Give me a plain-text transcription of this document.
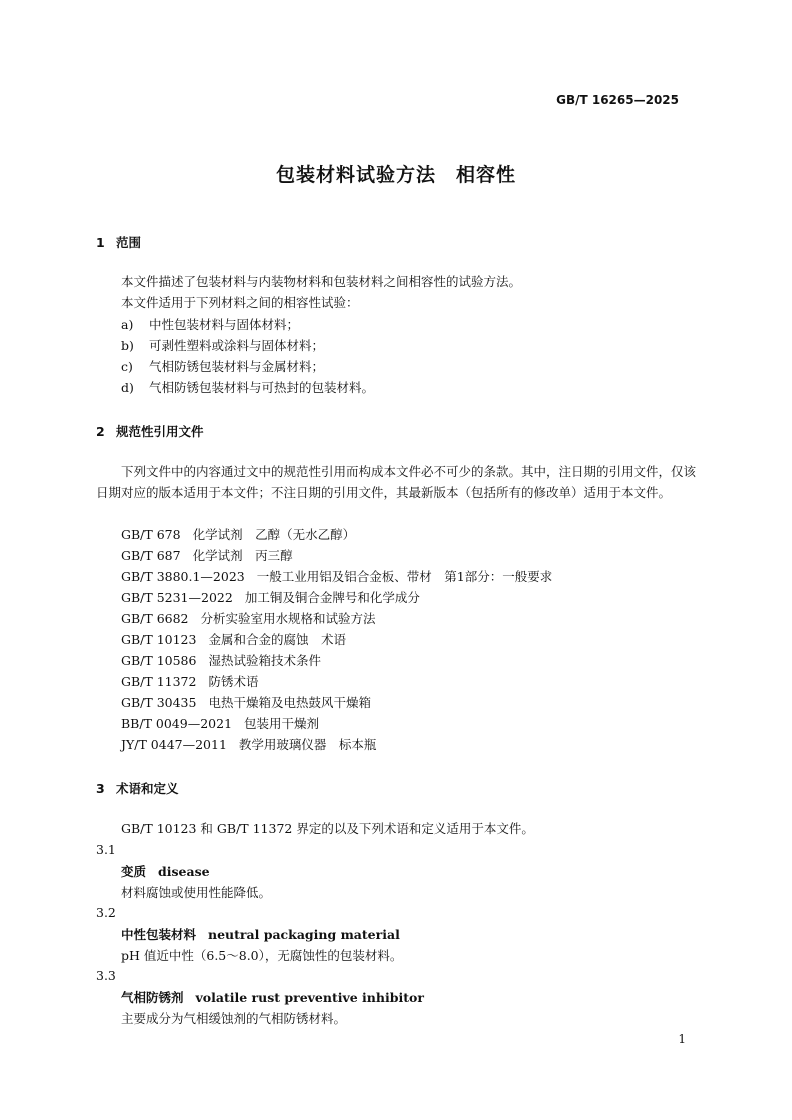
GB/T 16265—2025
包装材料试验方法　相容性
1 范围
本文件描述了包装材料与内装物材料和包装材料之间相容性的试验方法。
本文件适用于下列材料之间的相容性试验：
a) 中性包装材料与固体材料；
b) 可剥性塑料或涂料与固体材料；
c) 气相防锈包装材料与金属材料；
d) 气相防锈包装材料与可热封的包装材料。
2 规范性引用文件
下列文件中的内容通过文中的规范性引用而构成本文件必不可少的条款。其中，注日期的引用文件，仅该日期对应的版本适用于本文件；不注日期的引用文件，其最新版本（包括所有的修改单）适用于本文件。
GB/T 678 化学试剂　乙醇（无水乙醇）
GB/T 687 化学试剂　丙三醇
GB/T 3880.1—2023 一般工业用铝及铝合金板、带材　第1部分：一般要求
GB/T 5231—2022 加工铜及铜合金牌号和化学成分
GB/T 6682 分析实验室用水规格和试验方法
GB/T 10123 金属和合金的腐蚀　术语
GB/T 10586 湿热试验箱技术条件
GB/T 11372 防锈术语
GB/T 30435 电热干燥箱及电热鼓风干燥箱
BB/T 0049—2021 包装用干燥剂
JY/T 0447—2011 教学用玻璃仪器　标本瓶
3 术语和定义
GB/T 10123 和 GB/T 11372 界定的以及下列术语和定义适用于本文件。
3.1
变质 disease
材料腐蚀或使用性能降低。
3.2
中性包装材料 neutral packaging material
pH 值近中性（6.5～8.0），无腐蚀性的包装材料。
3.3
气相防锈剂 volatile rust preventive inhibitor
主要成分为气相缓蚀剂的气相防锈材料。
1
